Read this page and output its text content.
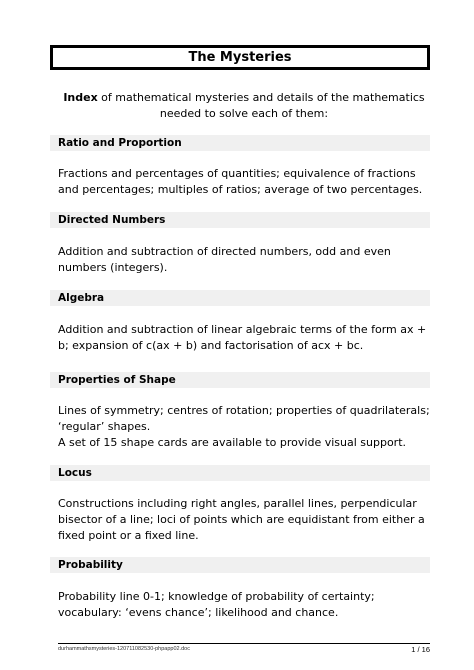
The Mysteries
Index of mathematical mysteries and details of the mathematics needed to solve each of them:
Ratio and Proportion
Fractions and percentages of quantities; equivalence of fractions and percentages; multiples of ratios; average of two percentages.
Directed Numbers
Addition and subtraction of directed numbers, odd and even numbers (integers).
Algebra
Addition and subtraction of linear algebraic terms of the form ax + b; expansion of c(ax + b) and factorisation of acx + bc.
Properties of Shape
Lines of symmetry; centres of rotation; properties of quadrilaterals; ‘regular’ shapes.
A set of 15 shape cards are available to provide visual support.
Locus
Constructions including right angles, parallel lines, perpendicular bisector of a line; loci of points which are equidistant from either a fixed point or a fixed line.
Probability
Probability line 0-1; knowledge of probability of certainty; vocabulary: ‘evens chance’; likelihood and chance.
durhammathsmysteries-120711082530-phpapp02.doc	1 / 16
